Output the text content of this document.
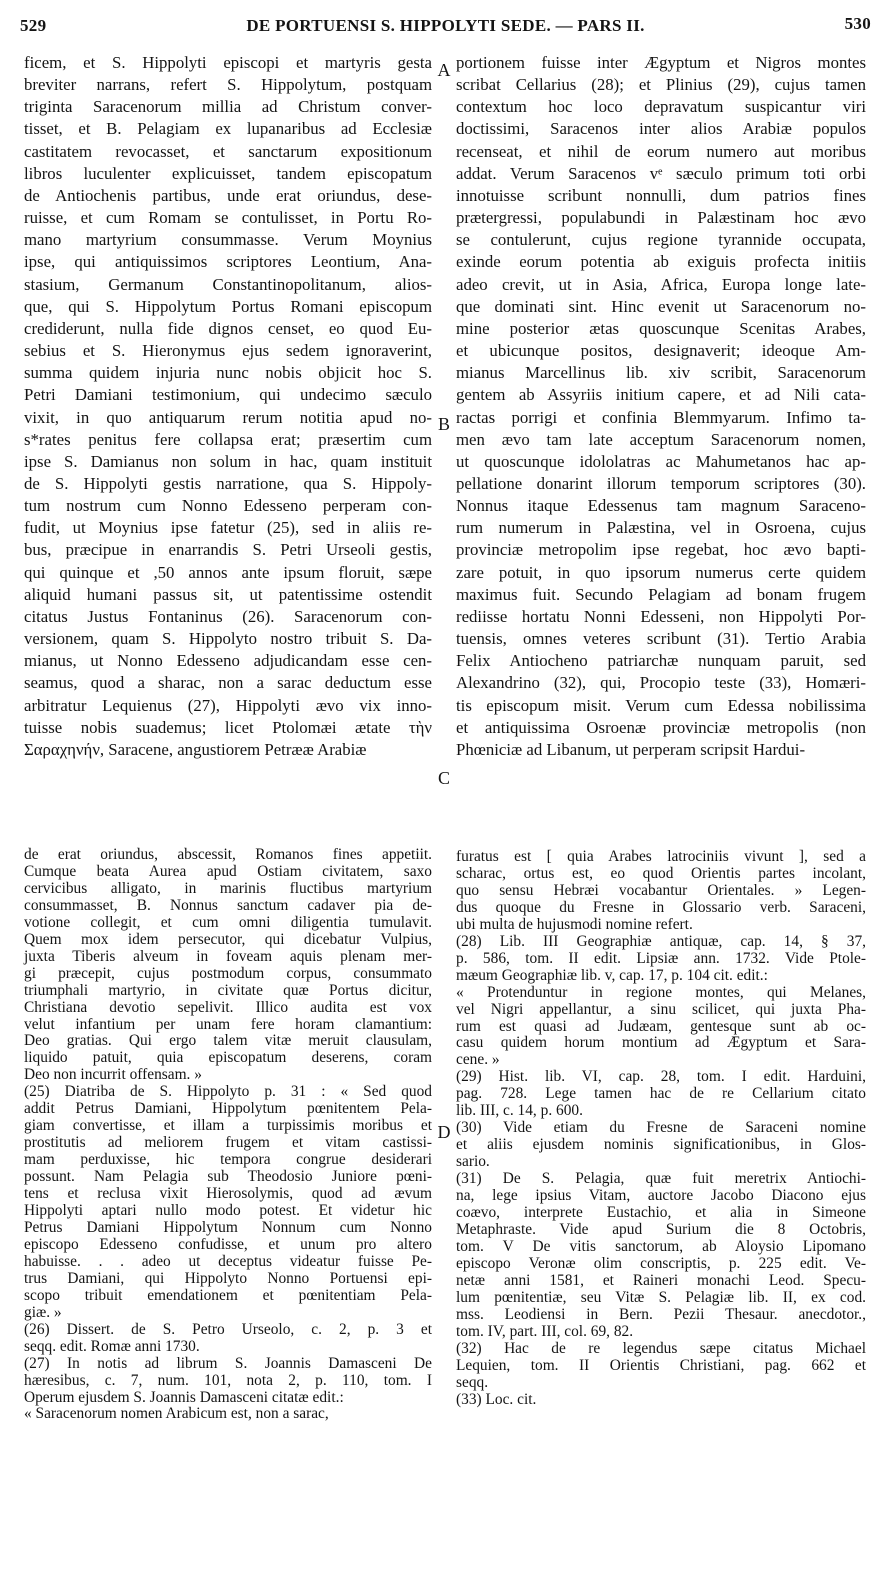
529	DE PORTUENSI S. HIPPOLYTI SEDE. — PARS II.	530
A
B
C
D
ficem, et S. Hippolyti episcopi et martyris gesta
breviter narrans, refert S. Hippolytum, postquam
triginta Saracenorum millia ad Christum conver-
tisset, et B. Pelagiam ex lupanaribus ad Ecclesiæ
castitatem revocasset, et sanctarum expositionum
libros luculenter explicuisset, tandem episcopatum
de Antiochenis partibus, unde erat oriundus, dese-
ruisse, et cum Romam se contulisset, in Portu Ro-
mano martyrium consummasse. Verum Moynius
ipse, qui antiquissimos scriptores Leontium, Ana-
stasium, Germanum Constantinopolitanum, alios-
que, qui S. Hippolytum Portus Romani episcopum
crediderunt, nulla fide dignos censet, eo quod Eu-
sebius et S. Hieronymus ejus sedem ignoraverint,
summa quidem injuria nunc nobis objicit hoc S.
Petri Damiani testimonium, qui undecimo sæculo
vixit, in quo antiquarum rerum notitia apud no-
s*rates penitus fere collapsa erat; præsertim cum
ipse S. Damianus non solum in hac, quam instituit
de S. Hippolyti gestis narratione, qua S. Hippoly-
tum nostrum cum Nonno Edesseno perperam con-
fudit, ut Moynius ipse fatetur (25), sed in aliis re-
bus, præcipue in enarrandis S. Petri Urseoli gestis,
qui quinque et ,50 annos ante ipsum floruit, sæpe
aliquid humani passus sit, ut patentissime ostendit
citatus Justus Fontaninus (26). Saracenorum con-
versionem, quam S. Hippolyto nostro tribuit S. Da-
mianus, ut Nonno Edesseno adjudicandam esse cen-
seamus, quod a sharac, non a sarac deductum esse
arbitratur Lequienus (27), Hippolyti ævo vix inno-
tuisse nobis suademus; licet Ptolomæi ætate τὴν
Σαραχηνήν, Saracene, angustiorem Petrææ Arabiæ
portionem fuisse inter Ægyptum et Nigros montes
scribat Cellarius (28); et Plinius (29), cujus tamen
contextum hoc loco depravatum suspicantur viri
doctissimi, Saracenos inter alios Arabiæ populos
recenseat, et nihil de eorum numero aut moribus
addat. Verum Saracenos vᵉ sæculo primum toti orbi
innotuisse scribunt nonnulli, dum patrios fines
prætergressi, populabundi in Palæstinam hoc ævo
se contulerunt, cujus regione tyrannide occupata,
exinde eorum potentia ab exiguis profecta initiis
adeo crevit, ut in Asia, Africa, Europa longe late-
que dominati sint. Hinc evenit ut Saracenorum no-
mine posterior ætas quoscunque Scenitas Arabes,
et ubicunque positos, designaverit; ideoque Am-
mianus Marcellinus lib. xiv scribit, Saracenorum
gentem ab Assyriis initium capere, et ad Nili cata-
ractas porrigi et confinia Blemmyarum. Infimo ta-
men ævo tam late acceptum Saracenorum nomen,
ut quoscunque idololatras ac Mahumetanos hac ap-
pellatione donarint illorum temporum scriptores (30).
Nonnus itaque Edessenus tam magnum Saraceno-
rum numerum in Palæstina, vel in Osroena, cujus
provinciæ metropolim ipse regebat, hoc ævo bapti-
zare potuit, in quo ipsorum numerus certe quidem
maximus fuit. Secundo Pelagiam ad bonam frugem
rediisse hortatu Nonni Edesseni, non Hippolyti Por-
tuensis, omnes veteres scribunt (31). Tertio Arabia
Felix Antiocheno patriarchæ nunquam paruit, sed
Alexandrino (32), qui, Procopio teste (33), Homæri-
tis episcopum misit. Verum cum Edessa nobilissima
et antiquissima Osroenæ provinciæ metropolis (non
Phœniciæ ad Libanum, ut perperam scripsit Hardui-
de erat oriundus, abscessit, Romanos fines appetiit.
Cumque beata Aurea apud Ostiam civitatem, saxo
cervicibus alligato, in marinis fluctibus martyrium
consummasset, B. Nonnus sanctum cadaver pia de-
votione collegit, et cum omni diligentia tumulavit.
Quem mox idem persecutor, qui dicebatur Vulpius,
juxta Tiberis alveum in foveam aquis plenam mer-
gi præcepit, cujus postmodum corpus, consummato
triumphali martyrio, in civitate quæ Portus dicitur,
Christiana devotio sepelivit. Illico audita est vox
velut infantium per unam fere horam clamantium:
Deo gratias. Qui ergo talem vitæ meruit clausulam,
liquido patuit, quia episcopatum deserens, coram
Deo non incurrit offensam. »
(25) Diatriba de S. Hippolyto p. 31 : « Sed quod
addit Petrus Damiani, Hippolytum pœnitentem Pela-
giam convertisse, et illam a turpissimis moribus et
prostitutis ad meliorem frugem et vitam castissi-
mam perduxisse, hic tempora congrue desiderari
possunt. Nam Pelagia sub Theodosio Juniore pœni-
tens et reclusa vixit Hierosolymis, quod ad ævum
Hippolyti aptari nullo modo potest. Et videtur hic
Petrus Damiani Hippolytum Nonnum cum Nonno
episcopo Edesseno confudisse, et unum pro altero
habuisse. . . adeo ut deceptus videatur fuisse Pe-
trus Damiani, qui Hippolyto Nonno Portuensi epi-
scopo tribuit emendationem et pœnitentiam Pela-
giæ. »
(26) Dissert. de S. Petro Urseolo, c. 2, p. 3 et
seqq. edit. Romæ anni 1730.
(27) In notis ad librum S. Joannis Damasceni De
hæresibus, c. 7, num. 101, nota 2, p. 110, tom. I
Operum ejusdem S. Joannis Damasceni citatæ edit.:
« Saracenorum nomen Arabicum est, non a sarac,
furatus est [ quia Arabes latrociniis vivunt ], sed a
scharac, ortus est, eo quod Orientis partes incolant,
quo sensu Hebræi vocabantur Orientales. » Legen-
dus quoque du Fresne in Glossario verb. Saraceni,
ubi multa de hujusmodi nomine refert.
(28) Lib. III Geographiæ antiquæ, cap. 14, § 37,
p. 586, tom. II edit. Lipsiæ ann. 1732. Vide Ptole-
mæum Geographiæ lib. v, cap. 17, p. 104 cit. edit.:
« Protenduntur in regione montes, qui Melanes,
vel Nigri appellantur, a sinu scilicet, qui juxta Pha-
rum est quasi ad Judæam, gentesque sunt ab oc-
casu quidem horum montium ad Ægyptum et Sara-
cene. »
(29) Hist. lib. VI, cap. 28, tom. I edit. Harduini,
pag. 728. Lege tamen hac de re Cellarium citato
lib. III, c. 14, p. 600.
(30) Vide etiam du Fresne de Saraceni nomine
et aliis ejusdem nominis significationibus, in Glos-
sario.
(31) De S. Pelagia, quæ fuit meretrix Antiochi-
na, lege ipsius Vitam, auctore Jacobo Diacono ejus
coævo, interprete Eustachio, et alia in Simeone
Metaphraste. Vide apud Surium die 8 Octobris,
tom. V De vitis sanctorum, ab Aloysio Lipomano
episcopo Veronæ olim conscriptis, p. 225 edit. Ve-
netæ anni 1581, et Raineri monachi Leod. Specu-
lum pœnitentiæ, seu Vitæ S. Pelagiæ lib. II, ex cod.
mss. Leodiensi in Bern. Pezii Thesaur. anecdotor.,
tom. IV, part. III, col. 69, 82.
(32) Hac de re legendus sæpe citatus Michael
Lequien, tom. II Orientis Christiani, pag. 662 et
seqq.
(33) Loc. cit.
